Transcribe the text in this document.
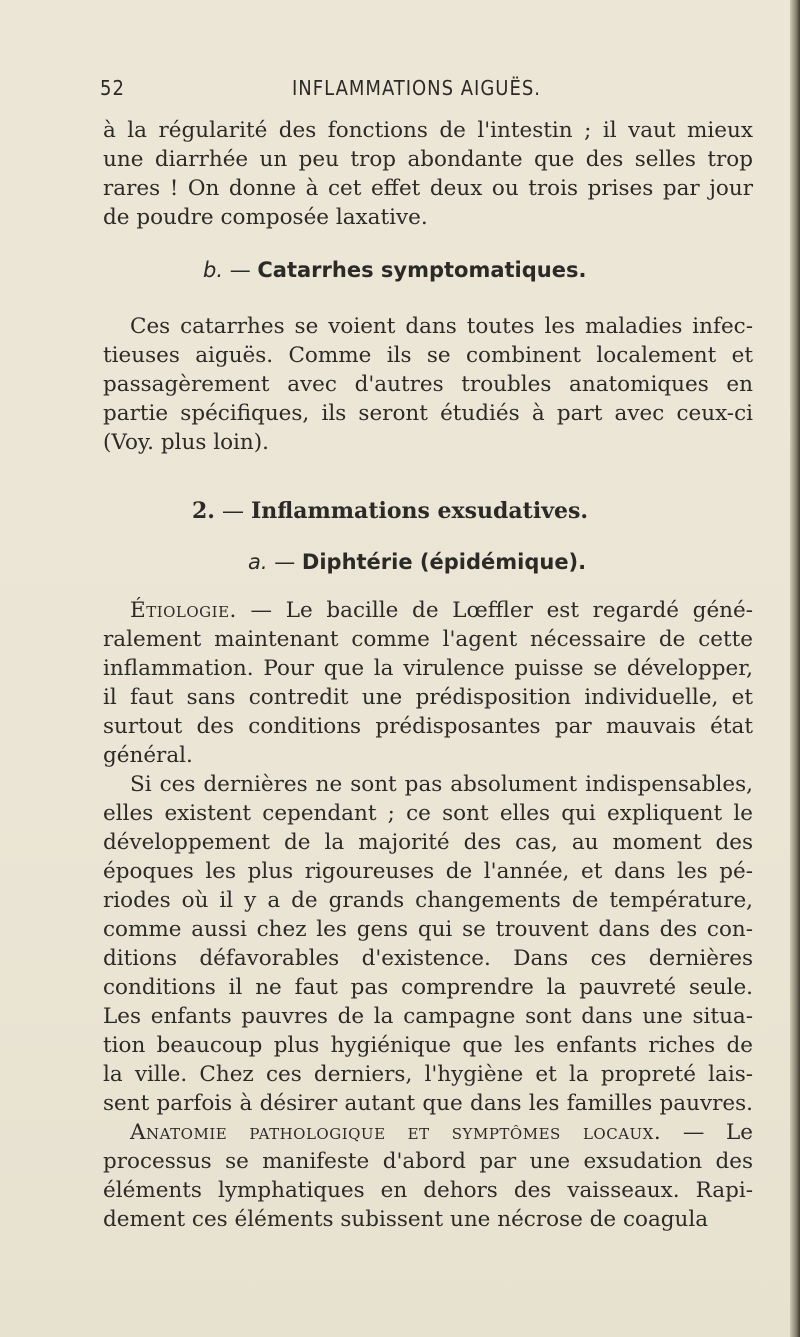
52	INFLAMMATIONS AIGUËS.
à la régularité des fonctions de l'intestin ; il vaut mieux
une diarrhée un peu trop abondante que des selles trop
rares ! On donne à cet effet deux ou trois prises par jour
de poudre composée laxative.
b. — Catarrhes symptomatiques.
Ces catarrhes se voient dans toutes les maladies infec-
tieuses aiguës. Comme ils se combinent localement et
passagèrement avec d'autres troubles anatomiques en
partie spécifiques, ils seront étudiés à part avec ceux-ci
(Voy. plus loin).
2. — Inflammations exsudatives.
a. — Diphtérie (épidémique).
Étiologie. — Le bacille de Lœffler est regardé géné-
ralement maintenant comme l'agent nécessaire de cette
inflammation. Pour que la virulence puisse se développer,
il faut sans contredit une prédisposition individuelle, et
surtout des conditions prédisposantes par mauvais état
général.
Si ces dernières ne sont pas absolument indispensables,
elles existent cependant ; ce sont elles qui expliquent le
développement de la majorité des cas, au moment des
époques les plus rigoureuses de l'année, et dans les pé-
riodes où il y a de grands changements de température,
comme aussi chez les gens qui se trouvent dans des con-
ditions défavorables d'existence. Dans ces dernières
conditions il ne faut pas comprendre la pauvreté seule.
Les enfants pauvres de la campagne sont dans une situa-
tion beaucoup plus hygiénique que les enfants riches de
la ville. Chez ces derniers, l'hygiène et la propreté lais-
sent parfois à désirer autant que dans les familles pauvres.
Anatomie pathologique et symptômes locaux. — Le
processus se manifeste d'abord par une exsudation des
éléments lymphatiques en dehors des vaisseaux. Rapi-
dement ces éléments subissent une nécrose de coagula
